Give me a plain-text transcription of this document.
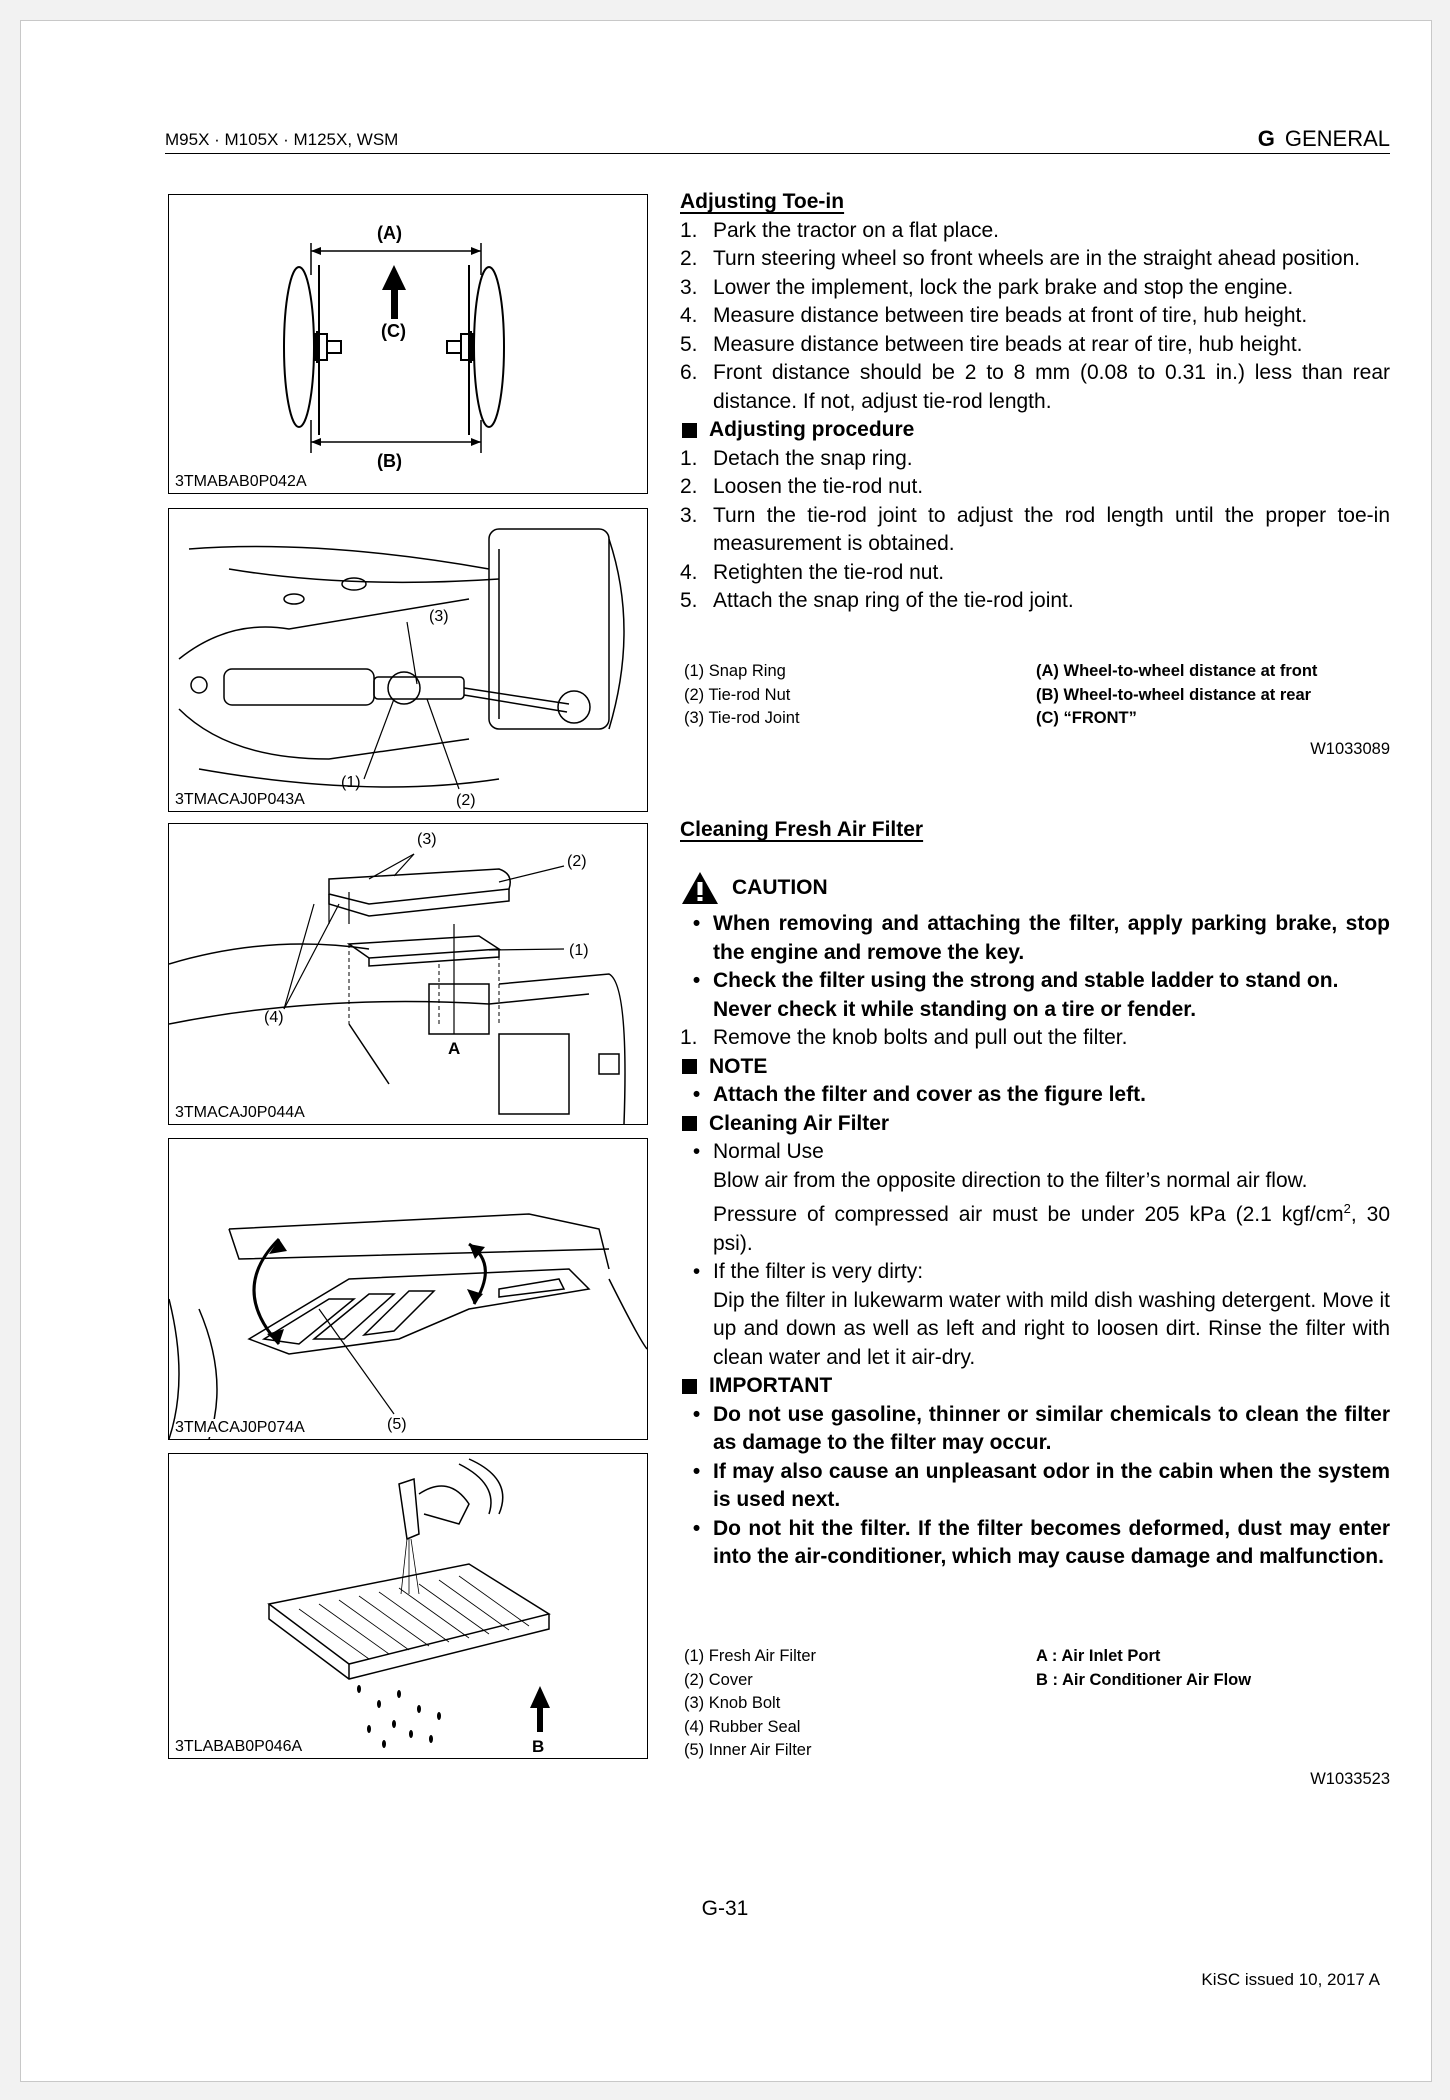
M95X · M105X · M125X, WSM	G GENERAL
(A)
(C)
(B)
3TMABAB0P042A
(3)
(1)
(2)
3TMACAJ0P043A
(3)
(2)
(1)
(4)
A
3TMACAJ0P044A
(5)
3TMACAJ0P074A
B
3TLABAB0P046A
Adjusting Toe-in
1. Park the tractor on a flat place.
2. Turn steering wheel so front wheels are in the straight ahead position.
3. Lower the implement, lock the park brake and stop the engine.
4. Measure distance between tire beads at front of tire, hub height.
5. Measure distance between tire beads at rear of tire, hub height.
6. Front distance should be 2 to 8 mm (0.08 to 0.31 in.) less than rear distance. If not, adjust tie-rod length.
Adjusting procedure
1. Detach the snap ring.
2. Loosen the tie-rod nut.
3. Turn the tie-rod joint to adjust the rod length until the proper toe-in measurement is obtained.
4. Retighten the tie-rod nut.
5. Attach the snap ring of the tie-rod joint.
(1) Snap Ring
(2) Tie-rod Nut
(3) Tie-rod Joint
(A) Wheel-to-wheel distance at front
(B) Wheel-to-wheel distance at rear
(C) “FRONT”
W1033089
Cleaning Fresh Air Filter
CAUTION
• When removing and attaching the filter, apply parking brake, stop the engine and remove the key.
• Check the filter using the strong and stable ladder to stand on.
Never check it while standing on a tire or fender.
1. Remove the knob bolts and pull out the filter.
NOTE
• Attach the filter and cover as the figure left.
Cleaning Air Filter
• Normal Use
Blow air from the opposite direction to the filter’s normal air flow.
Pressure of compressed air must be under 205 kPa (2.1 kgf/$cm^2$, 30 psi).
• If the filter is very dirty:
Dip the filter in lukewarm water with mild dish washing detergent. Move it up and down as well as left and right to loosen dirt. Rinse the filter with clean water and let it air-dry.
IMPORTANT
• Do not use gasoline, thinner or similar chemicals to clean the filter as damage to the filter may occur.
• If may also cause an unpleasant odor in the cabin when the system is used next.
• Do not hit the filter. If the filter becomes deformed, dust may enter into the air-conditioner, which may cause damage and malfunction.
(1) Fresh Air Filter
(2) Cover
(3) Knob Bolt
(4) Rubber Seal
(5) Inner Air Filter
A : Air Inlet Port
B : Air Conditioner Air Flow
W1033523
G-31
KiSC issued 10, 2017 A
